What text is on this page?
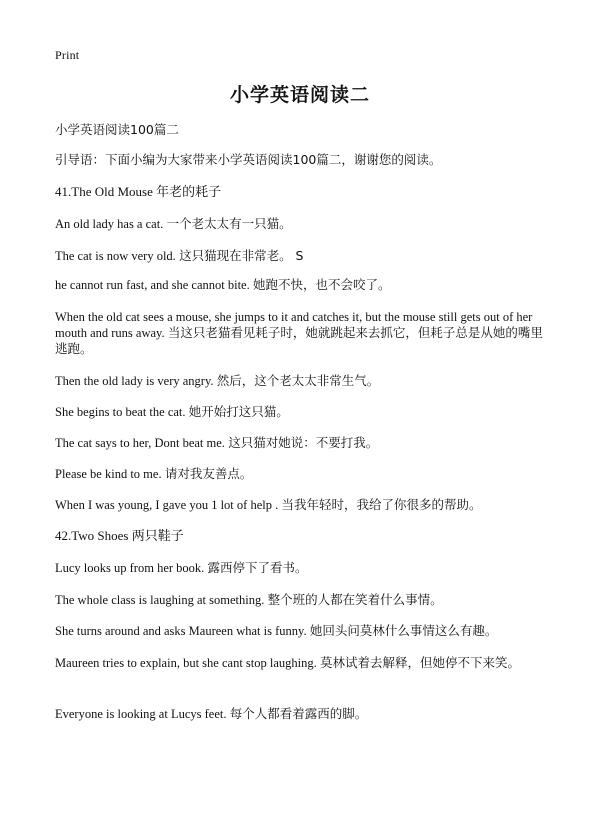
Print
小学英语阅读二
小学英语阅读100篇二
引导语：下面小编为大家带来小学英语阅读100篇二，谢谢您的阅读。
41.The Old Mouse 年老的耗子
An old lady has a cat. 一个老太太有一只猫。
The cat is now very old. 这只猫现在非常老。 S
he cannot run fast, and she cannot bite. 她跑不快，也不会咬了。
When the old cat sees a mouse, she jumps to it and catches it, but the mouse still gets out of her mouth and runs away. 当这只老猫看见耗子时，她就跳起来去抓它，但耗子总是从她的嘴里逃跑。
Then the old lady is very angry. 然后，这个老太太非常生气。
She begins to beat the cat. 她开始打这只猫。
The cat says to her, Dont beat me. 这只猫对她说：不要打我。
Please be kind to me. 请对我友善点。
When I was young, I gave you 1 lot of help . 当我年轻时，我给了你很多的帮助。
42.Two Shoes 两只鞋子
Lucy looks up from her book. 露西停下了看书。
The whole class is laughing at something. 整个班的人都在笑着什么事情。
She turns around and asks Maureen what is funny. 她回头问莫林什么事情这么有趣。
Maureen tries to explain, but she cant stop laughing. 莫林试着去解释，但她停不下来笑。
Everyone is looking at Lucys feet. 每个人都看着露西的脚。
